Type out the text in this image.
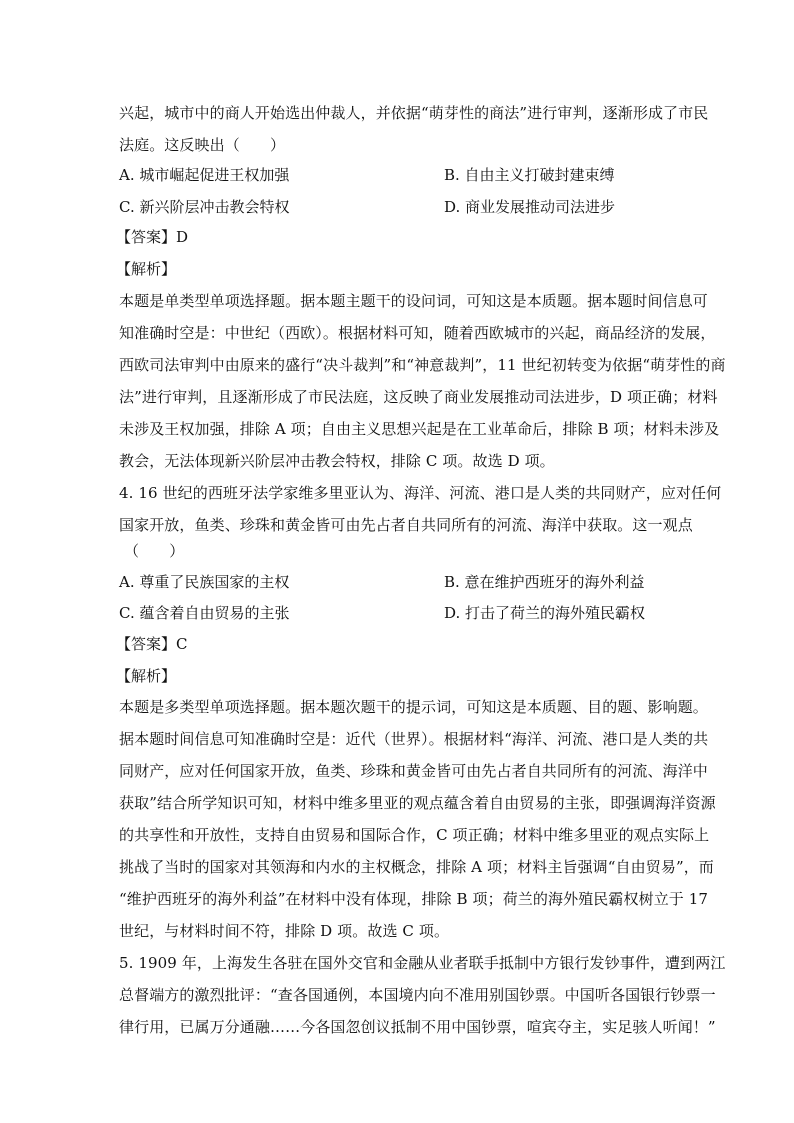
兴起，城市中的商人开始选出仲裁人，并依据“萌芽性的商法”进行审判，逐渐形成了市民
法庭。这反映出（　　）
A. 城市崛起促进王权加强	B. 自由主义打破封建束缚
C. 新兴阶层冲击教会特权	D. 商业发展推动司法进步
【答案】D
【解析】
本题是单类型单项选择题。据本题主题干的设问词，可知这是本质题。据本题时间信息可
知准确时空是：中世纪（西欧）。根据材料可知，随着西欧城市的兴起，商品经济的发展，
西欧司法审判中由原来的盛行“决斗裁判”和“神意裁判”，11 世纪初转变为依据“萌芽性的商
法”进行审判，且逐渐形成了市民法庭，这反映了商业发展推动司法进步，D 项正确；材料
未涉及王权加强，排除 A 项；自由主义思想兴起是在工业革命后，排除 B 项；材料未涉及
教会，无法体现新兴阶层冲击教会特权，排除 C 项。故选 D 项。
4. 16 世纪的西班牙法学家维多里亚认为、海洋、河流、港口是人类的共同财产，应对任何
国家开放，鱼类、珍珠和黄金皆可由先占者自共同所有的河流、海洋中获取。这一观点
（　　）
A. 尊重了民族国家的主权	B. 意在维护西班牙的海外利益
C. 蕴含着自由贸易的主张	D. 打击了荷兰的海外殖民霸权
【答案】C
【解析】
本题是多类型单项选择题。据本题次题干的提示词，可知这是本质题、目的题、影响题。
据本题时间信息可知准确时空是：近代（世界）。根据材料“海洋、河流、港口是人类的共
同财产，应对任何国家开放，鱼类、珍珠和黄金皆可由先占者自共同所有的河流、海洋中
获取”结合所学知识可知，材料中维多里亚的观点蕴含着自由贸易的主张，即强调海洋资源
的共享性和开放性，支持自由贸易和国际合作，C 项正确；材料中维多里亚的观点实际上
挑战了当时的国家对其领海和内水的主权概念，排除 A 项；材料主旨强调“自由贸易”，而
“维护西班牙的海外利益”在材料中没有体现，排除 B 项；荷兰的海外殖民霸权树立于 17
世纪，与材料时间不符，排除 D 项。故选 C 项。
5. 1909 年，上海发生各驻在国外交官和金融从业者联手抵制中方银行发钞事件，遭到两江
总督端方的激烈批评：“查各国通例，本国境内向不准用别国钞票。中国听各国银行钞票一
律行用，已属万分通融……今各国忽创议抵制不用中国钞票，喧宾夺主，实足骇人听闻！”
